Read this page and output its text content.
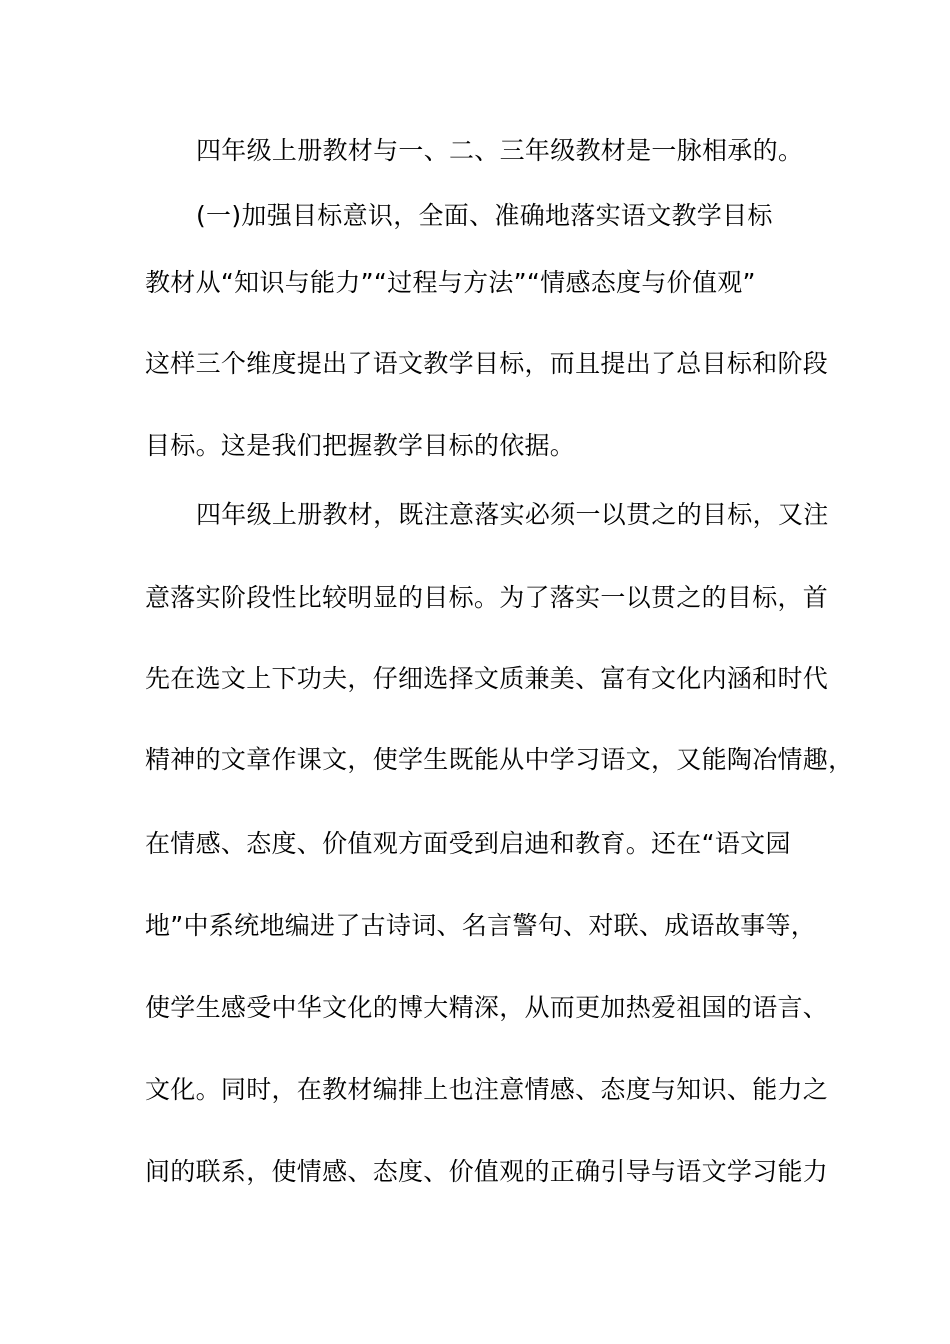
四年级上册教材与一、二、三年级教材是一脉相承的。
(一)加强目标意识，全面、准确地落实语文教学目标
教材从“知识与能力”“过程与方法”“情感态度与价值观”
这样三个维度提出了语文教学目标，而且提出了总目标和阶段
目标。这是我们把握教学目标的依据。
四年级上册教材，既注意落实必须一以贯之的目标，又注
意落实阶段性比较明显的目标。为了落实一以贯之的目标，首
先在选文上下功夫，仔细选择文质兼美、富有文化内涵和时代
精神的文章作课文，使学生既能从中学习语文，又能陶冶情趣，
在情感、态度、价值观方面受到启迪和教育。还在“语文园
地”中系统地编进了古诗词、名言警句、对联、成语故事等，
使学生感受中华文化的博大精深，从而更加热爱祖国的语言、
文化。同时，在教材编排上也注意情感、态度与知识、能力之
间的联系，使情感、态度、价值观的正确引导与语文学习能力
